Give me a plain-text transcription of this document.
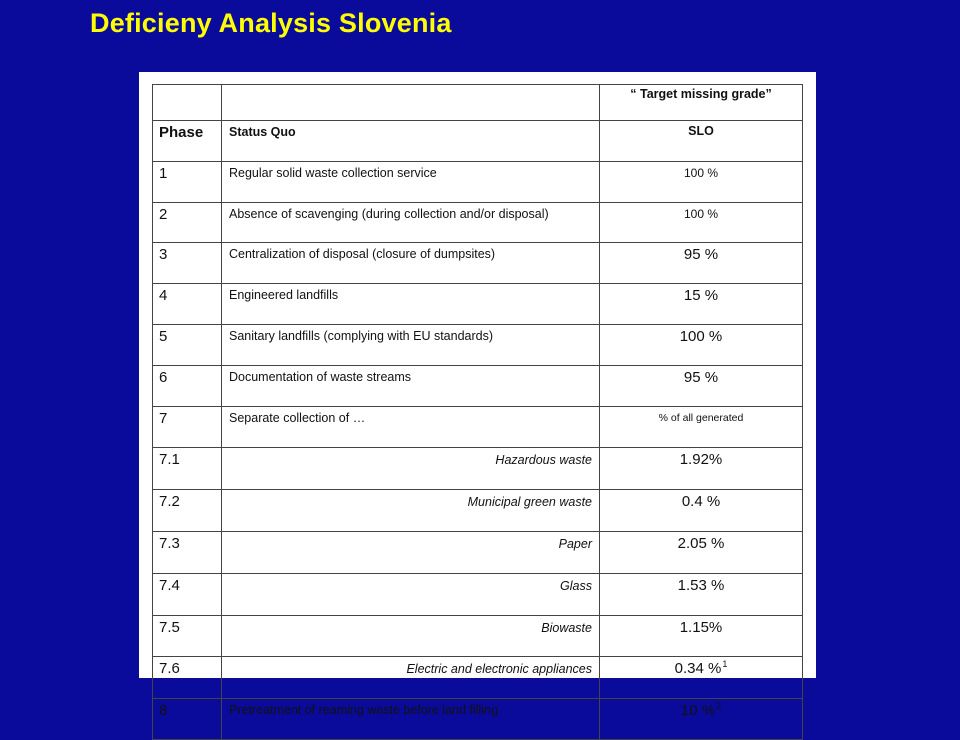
Deficieny Analysis Slovenia
		“ Target missing grade”
Phase	Status Quo	SLO
1	Regular solid waste collection service	100 %
2	Absence of scavenging (during collection and/or disposal)	100 %
3	Centralization of disposal (closure of dumpsites)	95 %
4	Engineered landfills	15 %
5	Sanitary landfills (complying with EU standards)	100 %
6	Documentation of waste streams	95 %
7	Separate collection of …	% of all generated
7.1	Hazardous waste	1.92%
7.2	Municipal green waste	0.4 %
7.3	Paper	2.05 %
7.4	Glass	1.53 %
7.5	Biowaste	1.15%
7.6	Electric and electronic appliances	0.34 %$^1$
8	Pretreatment of reaming waste before land filling	10 %$^2$
